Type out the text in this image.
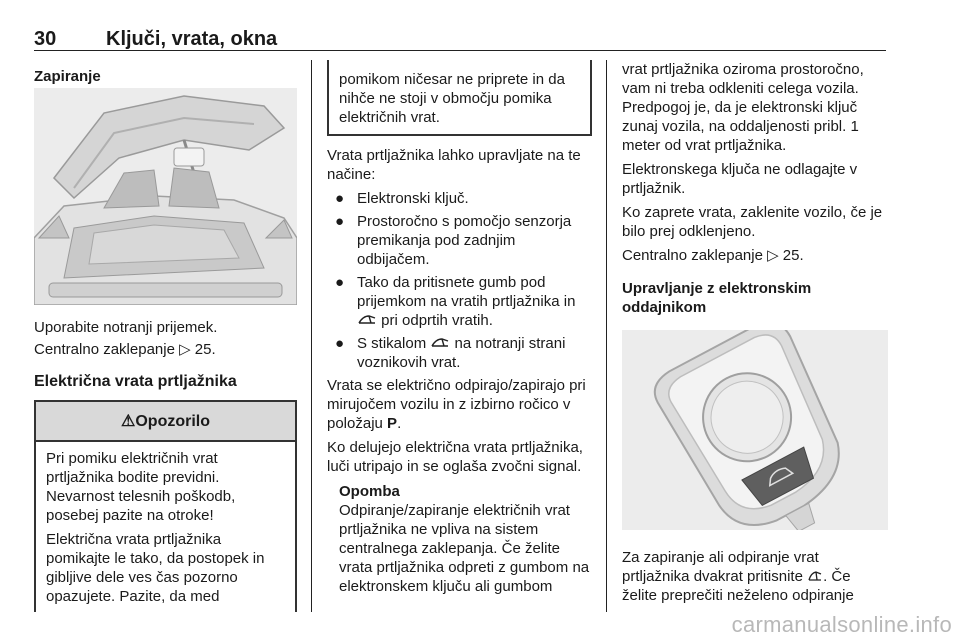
30 Ključi, vrata, okna
Zapiranje

Uporabite notranji prijemek.

Centralno zaklepanje ▷ 25.

Električna vrata prtljažnika
⚠Opozorilo

Pri pomiku električnih vrat prtljažnika bodite previdni. Nevarnost telesnih poškodb, posebej pazite na otroke!

Električna vrata prtljažnika pomikajte le tako, da postopek in gibljive dele ves čas pozorno opazujete. Pazite, da med

pomikom ničesar ne priprete in da nihče ne stoji v območju pomika električnih vrat.

Vrata prtljažnika lahko upravljate na te načine:

● Elektronski ključ.
● Prostoročno s pomočjo senzorja premikanja pod zadnjim odbijačem.
● Tako da pritisnete gumb pod prijemkom na vratih prtljažnika in  pri odprtih vratih.
● S stikalom na notranji strani voznikovih vrat.

Vrata se električno odpirajo/zapirajo pri mirujočem vozilu in z izbirno ročico v položaju P.

Ko delujejo električna vrata prtljažnika, luči utripajo in se oglaša zvočni signal.

Opomba

Odpiranje/zapiranje električnih vrat prtljažnika ne vpliva na sistem centralnega zaklepanja. Če želite vrata prtljažnika odpreti z gumbom na elektronskem ključu ali gumbom

vrat prtljažnika oziroma prostoročno, vam ni treba odkleniti celega vozila. Predpogoj je, da je elektronski ključ zunaj vozila, na oddaljenosti pribl. 1 meter od vrat prtljažnika.

Elektronskega ključa ne odlagajte v prtljažnik.

Ko zaprete vrata, zaklenite vozilo, če je bilo prej odklenjeno.

Centralno zaklepanje ▷ 25.

Upravljanje z elektronskim oddajnikom

Za zapiranje ali odpiranje vrat prtljažnika dvakrat pritisnite . Če želite preprečiti neželeno odpiranje

carmanualsonline.info
